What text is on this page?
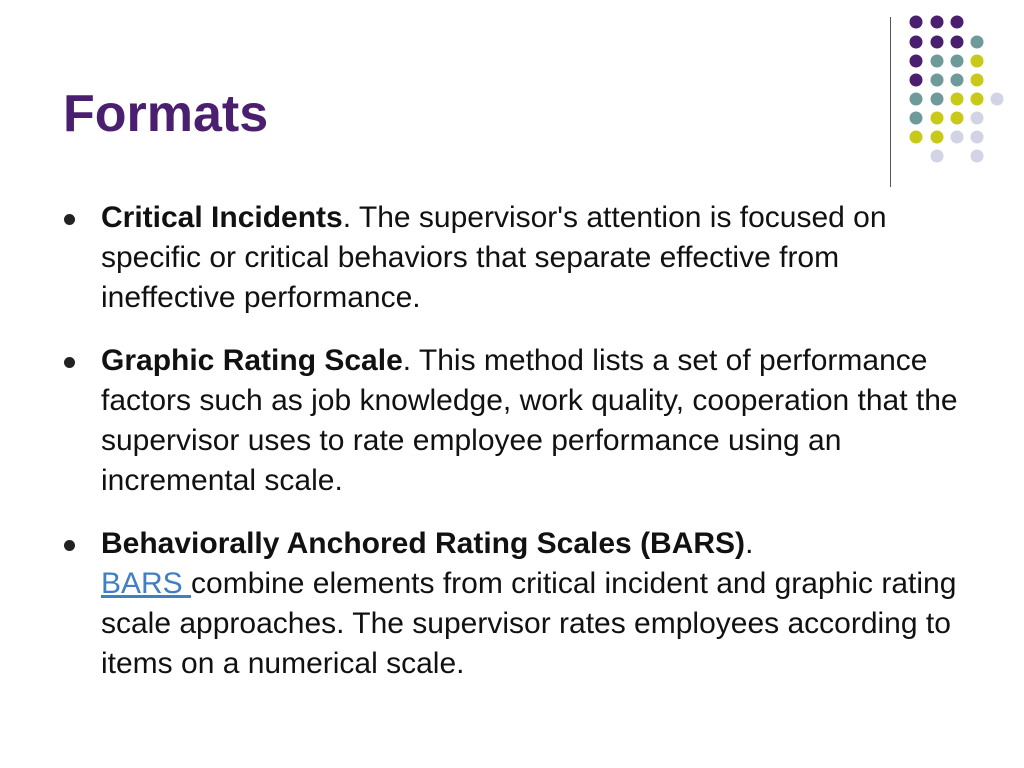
Formats
Critical Incidents. The supervisor's attention is focused on specific or critical behaviors that separate effective from ineffective performance.
Graphic Rating Scale. This method lists a set of performance factors such as job knowledge, work quality, cooperation that the supervisor uses to rate employee performance using an incremental scale.
Behaviorally Anchored Rating Scales (BARS).
BARS combine elements from critical incident and graphic rating scale approaches. The supervisor rates employees according to items on a numerical scale.
